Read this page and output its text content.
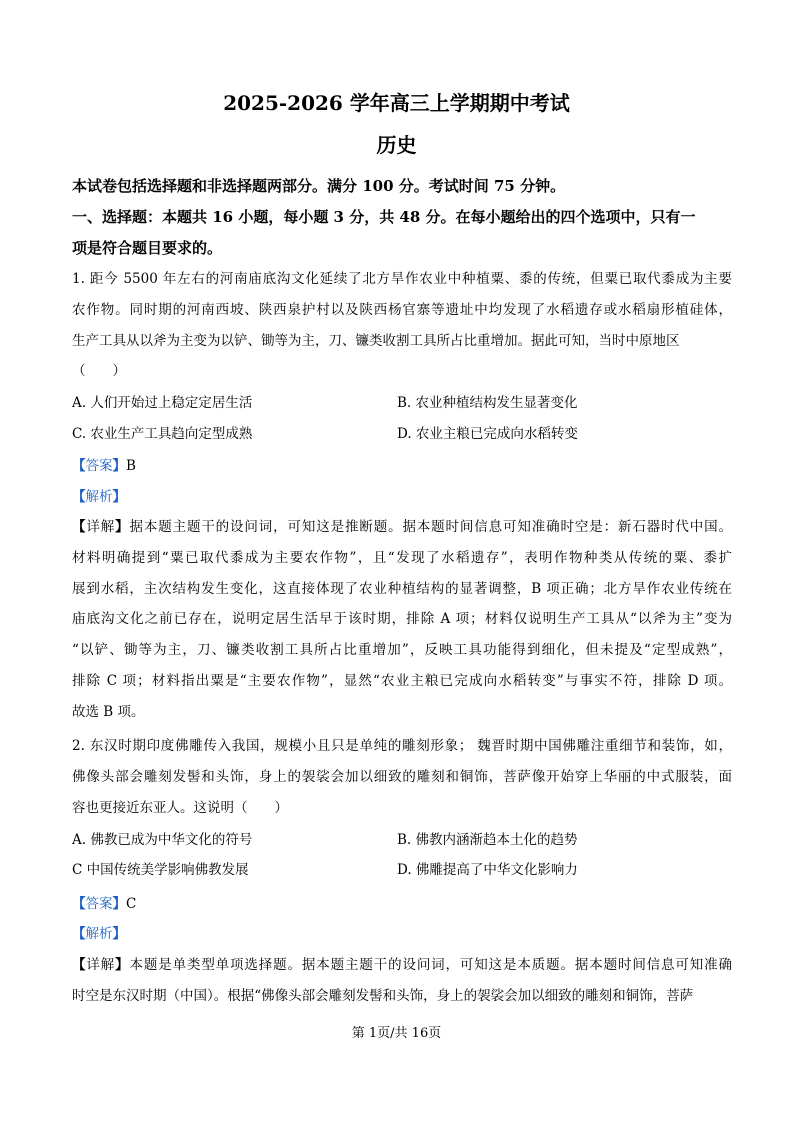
2025-2026 学年高三上学期期中考试
历史
本试卷包括选择题和非选择题两部分。满分 100 分。考试时间 75 分钟。
一、选择题：本题共 16 小题，每小题 3 分，共 48 分。在每小题给出的四个选项中，只有一
项是符合题目要求的。

1. 距今 5500 年左右的河南庙底沟文化延续了北方旱作农业中种植粟、黍的传统，但粟已取代黍成为主要

农作物。同时期的河南西坡、陕西泉护村以及陕西杨官寨等遗址中均发现了水稻遗存或水稻扇形植硅体，

生产工具从以斧为主变为以铲、锄等为主，刀、镰类收割工具所占比重增加。据此可知，当时中原地区

（　　）

A. 人们开始过上稳定定居生活	B. 农业种植结构发生显著变化
C. 农业生产工具趋向定型成熟	D. 农业主粮已完成向水稻转变
【答案】B
【解析】

【详解】据本题主题干的设问词，可知这是推断题。据本题时间信息可知准确时空是：新石器时代中国。

材料明确提到“粟已取代黍成为主要农作物”，且“发现了水稻遗存”，表明作物种类从传统的粟、黍扩

展到水稻，主次结构发生变化，这直接体现了农业种植结构的显著调整，B 项正确；北方旱作农业传统在

庙底沟文化之前已存在，说明定居生活早于该时期，排除 A 项；材料仅说明生产工具从“以斧为主”变为

“以铲、锄等为主，刀、镰类收割工具所占比重增加”，反映工具功能得到细化，但未提及“定型成熟”，

排除 C 项；材料指出粟是“主要农作物”，显然“农业主粮已完成向水稻转变”与事实不符，排除 D 项。

故选 B 项。

2. 东汉时期印度佛雕传入我国，规模小且只是单纯的雕刻形象； 魏晋时期中国佛雕注重细节和装饰，如，

佛像头部会雕刻发髻和头饰，身上的袈裟会加以细致的雕刻和铜饰，菩萨像开始穿上华丽的中式服装，面

容也更接近东亚人。这说明（　　）

A. 佛教已成为中华文化的符号	B. 佛教内涵渐趋本土化的趋势
C 中国传统美学影响佛教发展	D. 佛雕提高了中华文化影响力
【答案】C
【解析】

【详解】本题是单类型单项选择题。据本题主题干的设问词，可知这是本质题。据本题时间信息可知准确

时空是东汉时期（中国）。根据“佛像头部会雕刻发髻和头饰，身上的袈裟会加以细致的雕刻和铜饰，菩萨

第 1页/共 16页
